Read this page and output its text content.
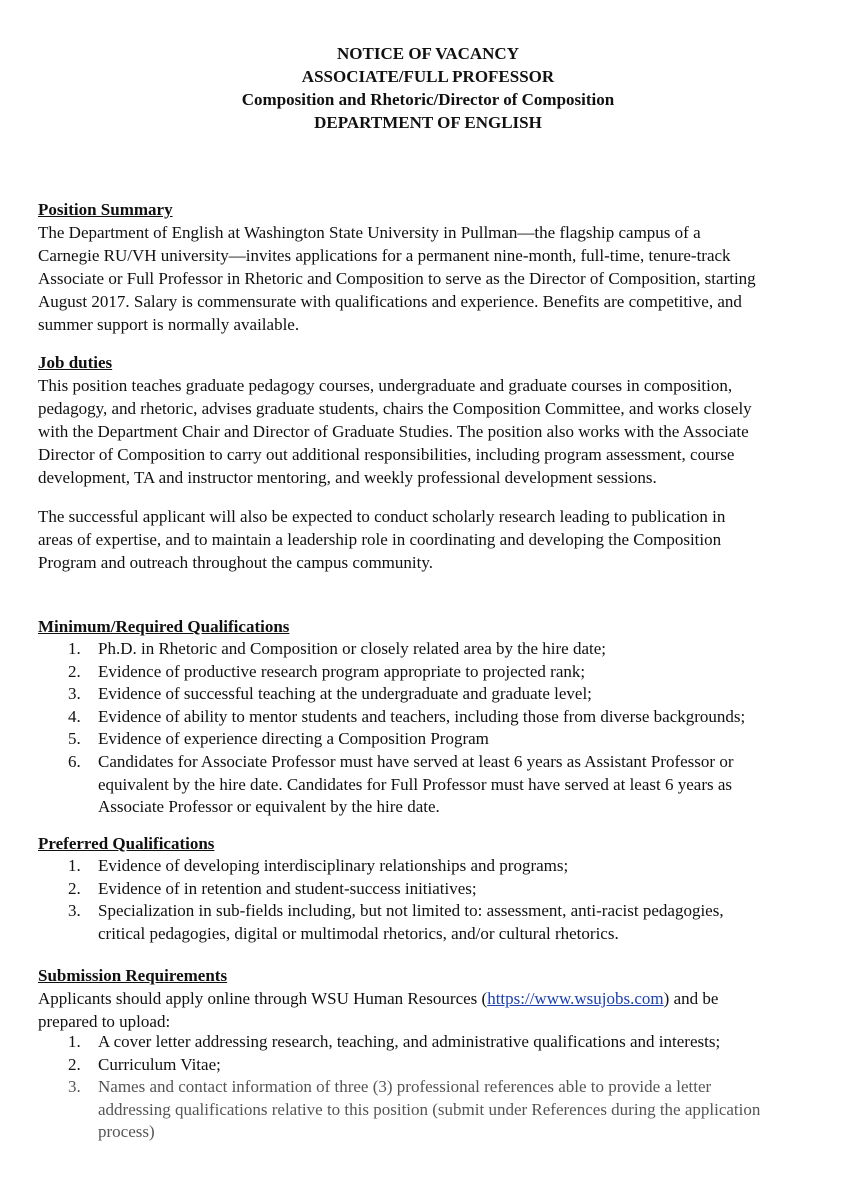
NOTICE OF VACANCY
ASSOCIATE/FULL PROFESSOR
Composition and Rhetoric/Director of Composition
DEPARTMENT OF ENGLISH
Position Summary
The Department of English at Washington State University in Pullman—the flagship campus of a
Carnegie RU/VH university—invites applications for a permanent nine-month, full-time, tenure-track
Associate or Full Professor in Rhetoric and Composition to serve as the Director of Composition, starting
August 2017. Salary is commensurate with qualifications and experience. Benefits are competitive, and
summer support is normally available.
Job duties
This position teaches graduate pedagogy courses, undergraduate and graduate courses in composition,
pedagogy, and rhetoric, advises graduate students, chairs the Composition Committee, and works closely
with the Department Chair and Director of Graduate Studies. The position also works with the Associate
Director of Composition to carry out additional responsibilities, including program assessment, course
development, TA and instructor mentoring, and weekly professional development sessions.
The successful applicant will also be expected to conduct scholarly research leading to publication in
areas of expertise, and to maintain a leadership role in coordinating and developing the Composition
Program and outreach throughout the campus community.
Minimum/Required Qualifications
1. Ph.D. in Rhetoric and Composition or closely related area by the hire date;
2. Evidence of productive research program appropriate to projected rank;
3. Evidence of successful teaching at the undergraduate and graduate level;
4. Evidence of ability to mentor students and teachers, including those from diverse backgrounds;
5. Evidence of experience directing a Composition Program
6. Candidates for Associate Professor must have served at least 6 years as Assistant Professor or
equivalent by the hire date. Candidates for Full Professor must have served at least 6 years as
Associate Professor or equivalent by the hire date.
Preferred Qualifications
1. Evidence of developing interdisciplinary relationships and programs;
2. Evidence of in retention and student-success initiatives;
3. Specialization in sub-fields including, but not limited to: assessment, anti-racist pedagogies,
critical pedagogies, digital or multimodal rhetorics, and/or cultural rhetorics.
Submission Requirements
Applicants should apply online through WSU Human Resources (https://www.wsujobs.com) and be
prepared to upload:
1. A cover letter addressing research, teaching, and administrative qualifications and interests;
2. Curriculum Vitae;
3. Names and contact information of three (3) professional references able to provide a letter
addressing qualifications relative to this position (submit under References during the application
process)
